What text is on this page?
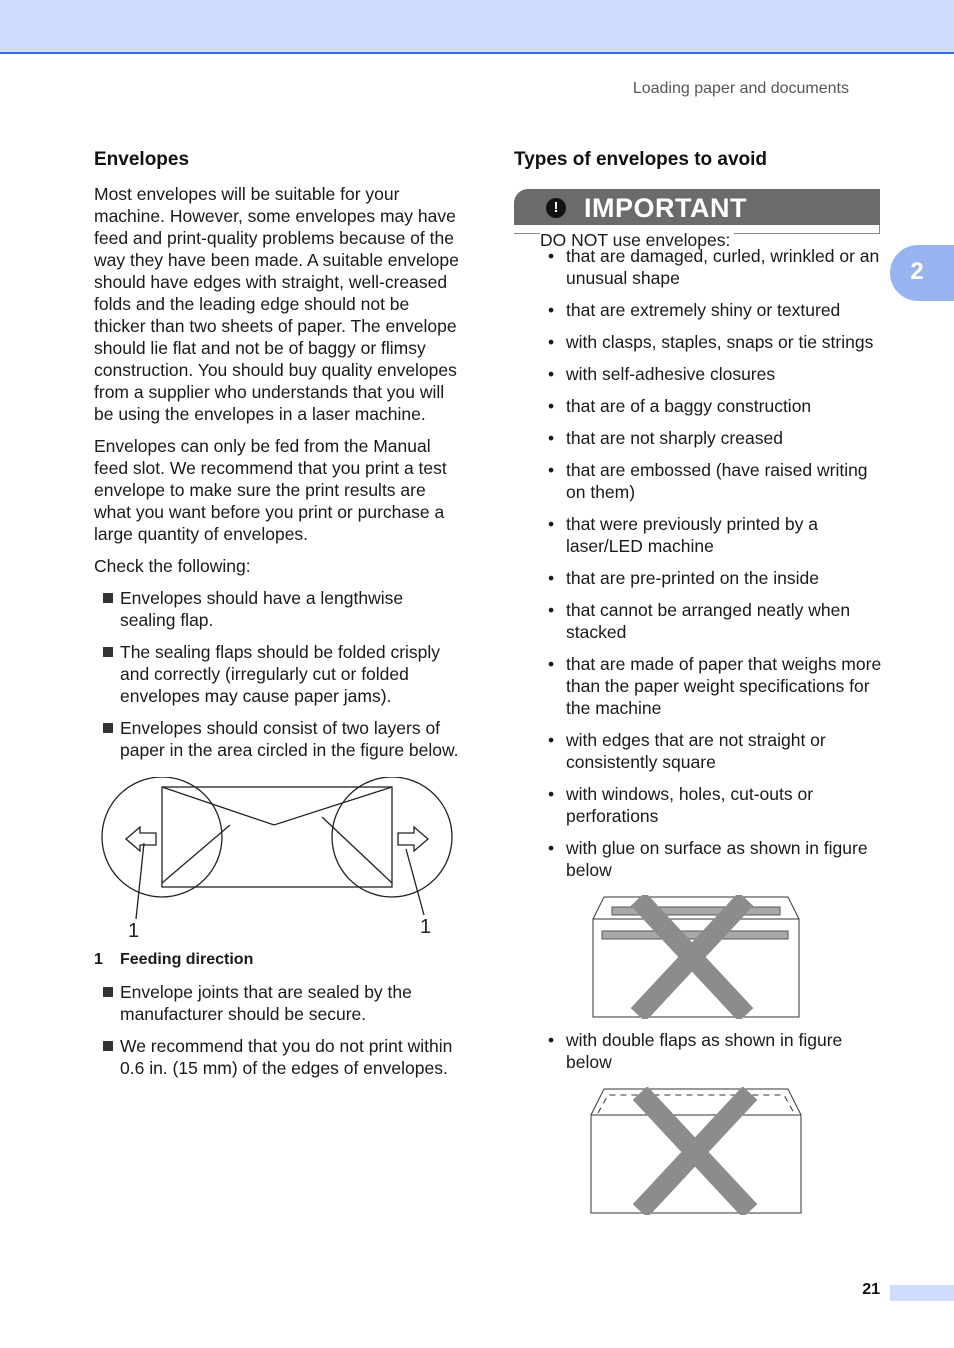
Loading paper and documents
2
Envelopes

Most envelopes will be suitable for your machine. However, some envelopes may have feed and print-quality problems because of the way they have been made. A suitable envelope should have edges with straight, well-creased folds and the leading edge should not be thicker than two sheets of paper. The envelope should lie flat and not be of baggy or flimsy construction. You should buy quality envelopes from a supplier who understands that you will be using the envelopes in a laser machine.

Envelopes can only be fed from the Manual feed slot. We recommend that you print a test envelope to make sure the print results are what you want before you print or purchase a large quantity of envelopes.

Check the following:

Envelopes should have a lengthwise sealing flap.
The sealing flaps should be folded crisply and correctly (irregularly cut or folded envelopes may cause paper jams).
Envelopes should consist of two layers of paper in the area circled in the figure below.
1	1
1 Feeding direction
Envelope joints that are sealed by the manufacturer should be secure.
We recommend that you do not print within 0.6 in. (15 mm) of the edges of envelopes.
Types of envelopes to avoid
! IMPORTANT
DO NOT use envelopes:
• that are damaged, curled, wrinkled or an unusual shape
• that are extremely shiny or textured
• with clasps, staples, snaps or tie strings
• with self-adhesive closures
• that are of a baggy construction
• that are not sharply creased
• that are embossed (have raised writing on them)
• that were previously printed by a laser/LED machine
• that are pre-printed on the inside
• that cannot be arranged neatly when stacked
• that are made of paper that weighs more than the paper weight specifications for the machine
• with edges that are not straight or consistently square
• with windows, holes, cut-outs or perforations
• with glue on surface as shown in figure below
• with double flaps as shown in figure below
21
